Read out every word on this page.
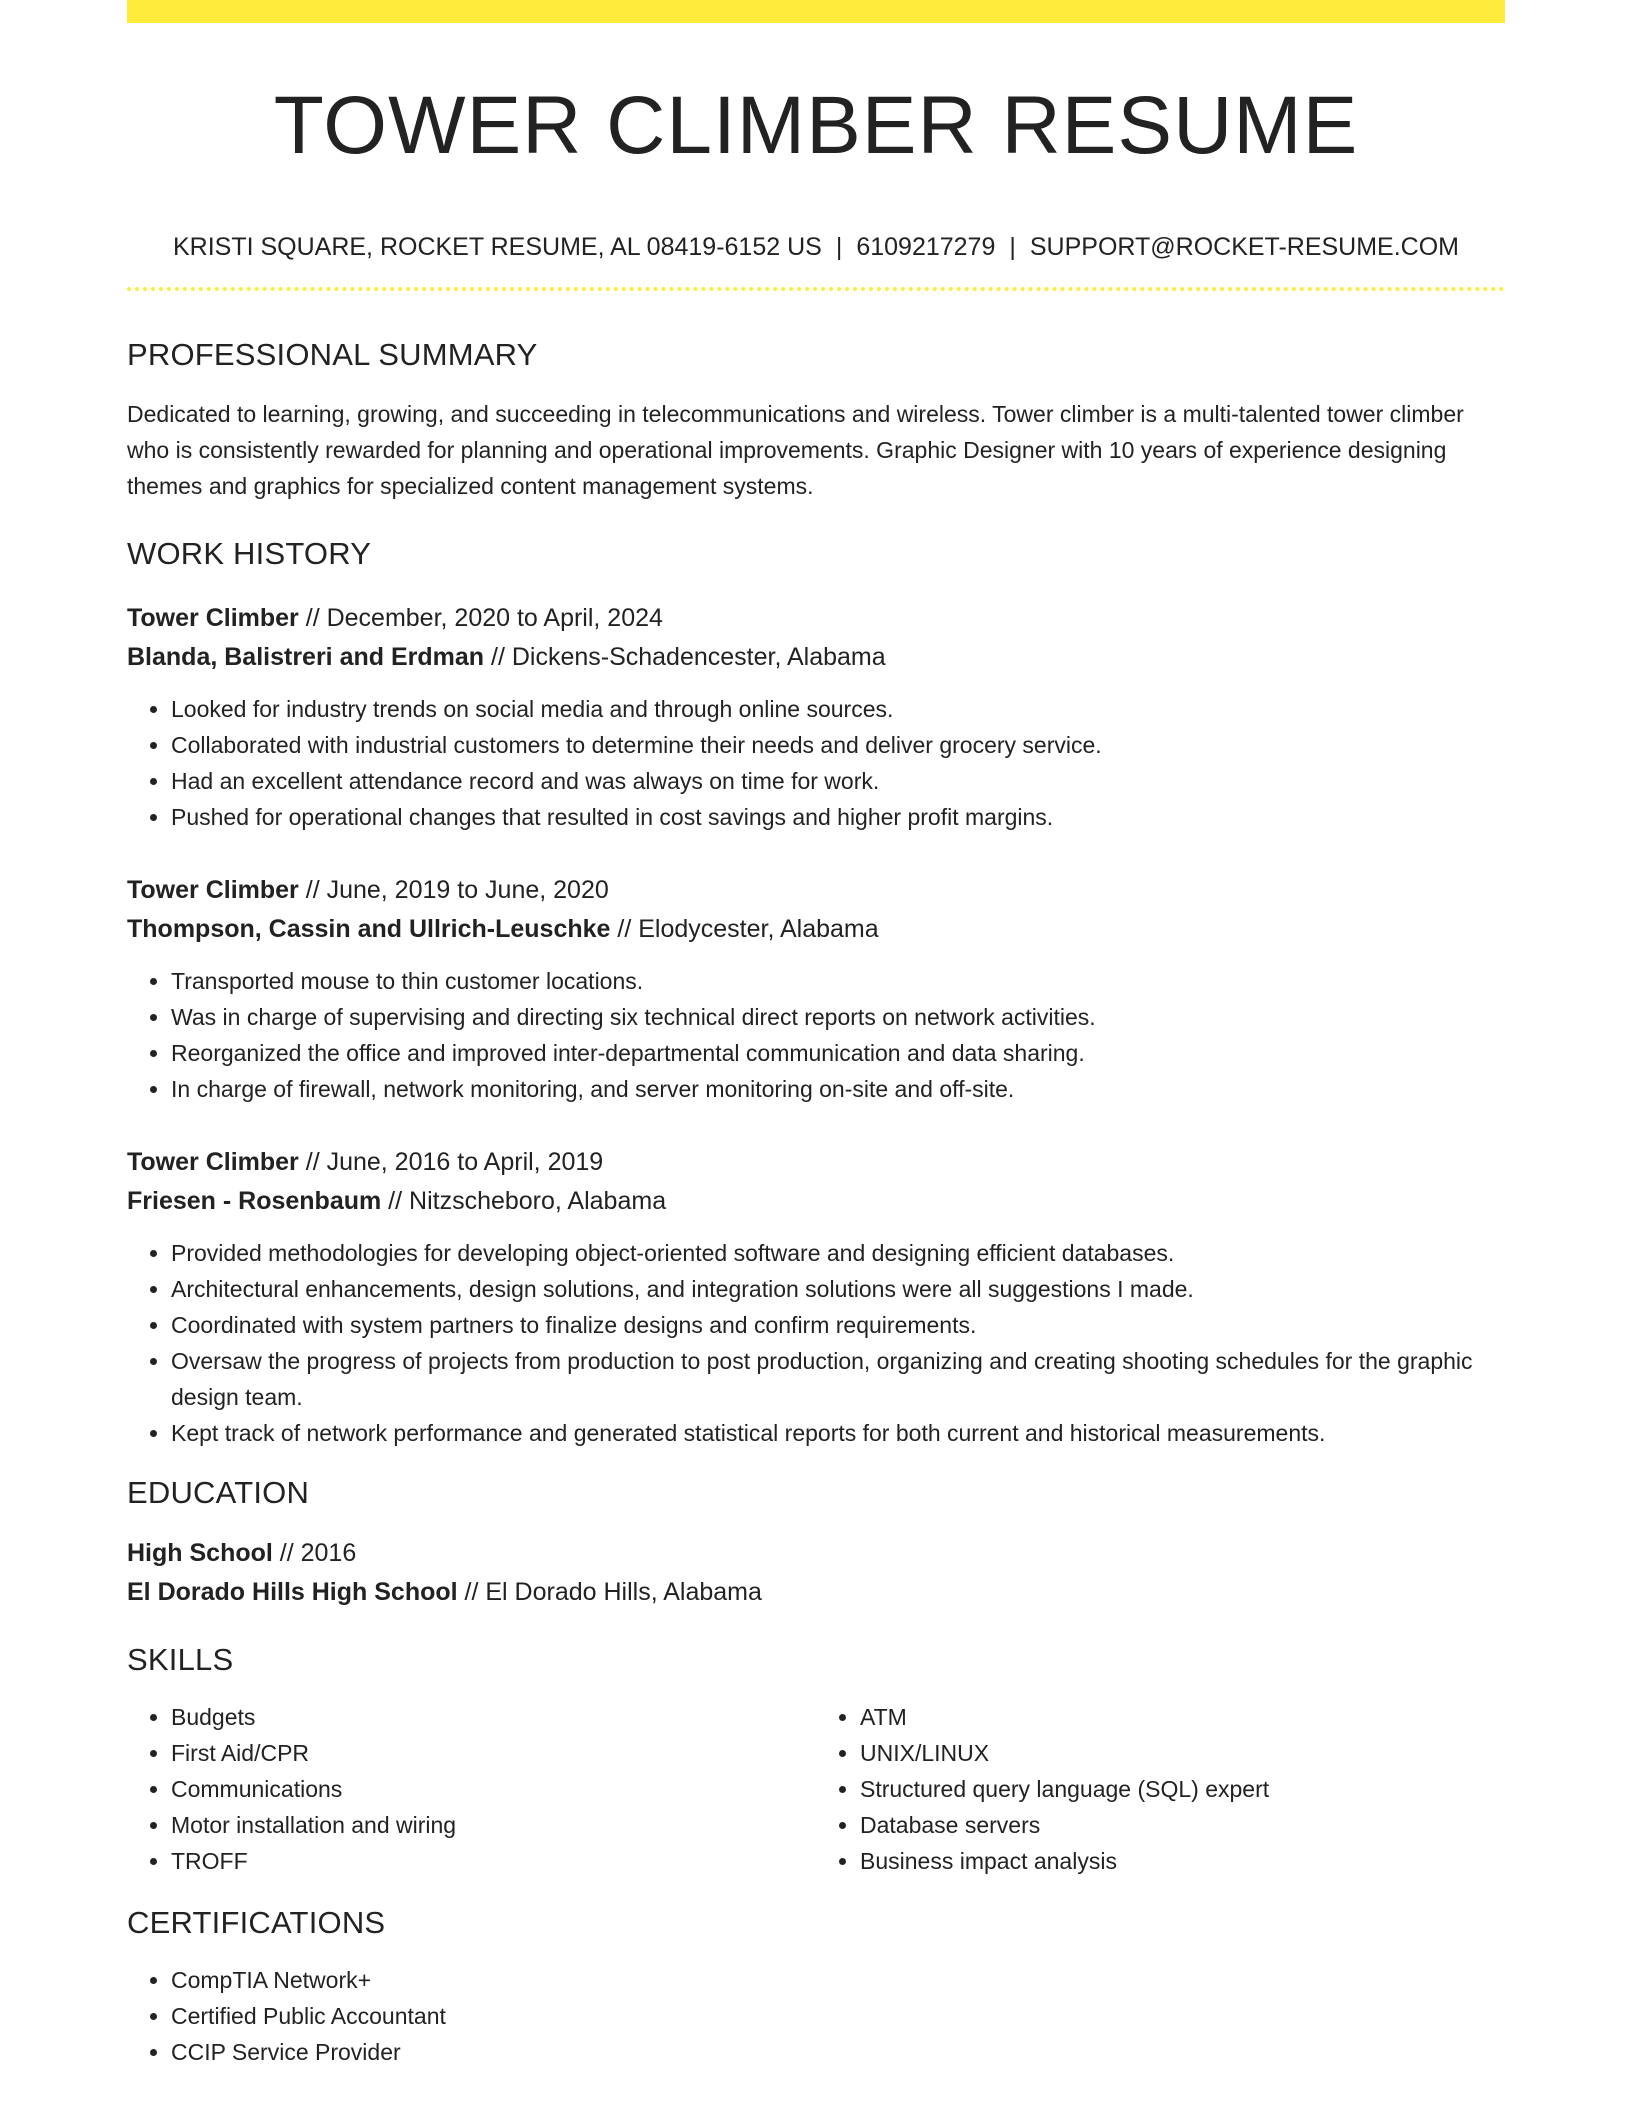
TOWER CLIMBER RESUME
KRISTI SQUARE, ROCKET RESUME, AL 08419-6152 US | 6109217279 | SUPPORT@ROCKET-RESUME.COM
PROFESSIONAL SUMMARY
Dedicated to learning, growing, and succeeding in telecommunications and wireless. Tower climber is a multi-talented tower climber who is consistently rewarded for planning and operational improvements. Graphic Designer with 10 years of experience designing themes and graphics for specialized content management systems.
WORK HISTORY
Tower Climber // December, 2020 to April, 2024
Blanda, Balistreri and Erdman // Dickens-Schadencester, Alabama
• Looked for industry trends on social media and through online sources.
• Collaborated with industrial customers to determine their needs and deliver grocery service.
• Had an excellent attendance record and was always on time for work.
• Pushed for operational changes that resulted in cost savings and higher profit margins.
Tower Climber // June, 2019 to June, 2020
Thompson, Cassin and Ullrich-Leuschke // Elodycester, Alabama
• Transported mouse to thin customer locations.
• Was in charge of supervising and directing six technical direct reports on network activities.
• Reorganized the office and improved inter-departmental communication and data sharing.
• In charge of firewall, network monitoring, and server monitoring on-site and off-site.
Tower Climber // June, 2016 to April, 2019
Friesen - Rosenbaum // Nitzscheboro, Alabama
• Provided methodologies for developing object-oriented software and designing efficient databases.
• Architectural enhancements, design solutions, and integration solutions were all suggestions I made.
• Coordinated with system partners to finalize designs and confirm requirements.
• Oversaw the progress of projects from production to post production, organizing and creating shooting schedules for the graphic design team.
• Kept track of network performance and generated statistical reports for both current and historical measurements.
EDUCATION
High School // 2016
El Dorado Hills High School // El Dorado Hills, Alabama
SKILLS
• Budgets
• First Aid/CPR
• Communications
• Motor installation and wiring
• TROFF
• ATM
• UNIX/LINUX
• Structured query language (SQL) expert
• Database servers
• Business impact analysis
CERTIFICATIONS
• CompTIA Network+
• Certified Public Accountant
• CCIP Service Provider
